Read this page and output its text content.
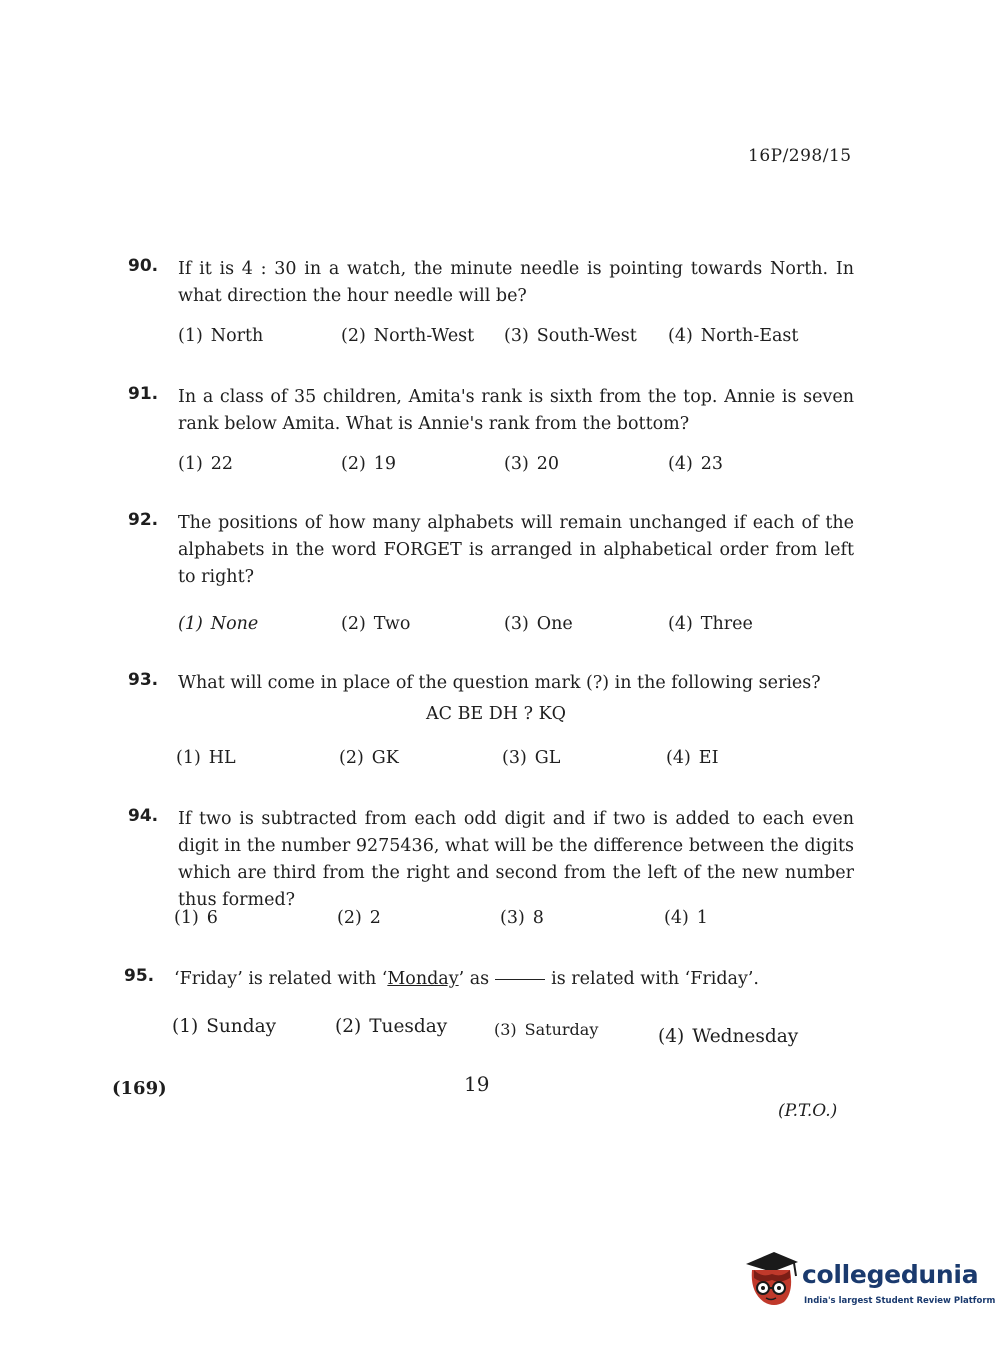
16P/298/15
90. If it is 4 : 30 in a watch, the minute needle is pointing towards North. In what direction the hour needle will be?
(1) North	(2) North-West (3) South-West (4) North-East
91. In a class of 35 children, Amita's rank is sixth from the top. Annie is seven rank below Amita. What is Annie's rank from the bottom?
(1) 22	(2) 19	(3) 20	(4) 23
92. The positions of how many alphabets will remain unchanged if each of the alphabets in the word FORGET is arranged in alphabetical order from left to right?
(1) None	(2) Two	(3) One	(4) Three
93. What will come in place of the question mark (?) in the following series?
AC BE DH ? KQ
(1) HL	(2) GK	(3) GL	(4) EI
94. If two is subtracted from each odd digit and if two is added to each even digit in the number 9275436, what will be the difference between the digits which are third from the right and second from the left of the new number thus formed?
(1) 6	(2) 2	(3) 8	(4) 1
95. ‘Friday’ is related with ‘Monday’ as	is related with ‘Friday’.
(1) Sunday	(2) Tuesday	(3) Saturday	(4) Wednesday
(169)	19
(P.T.O.)
collegedunia
India's largest Student Review Platform
